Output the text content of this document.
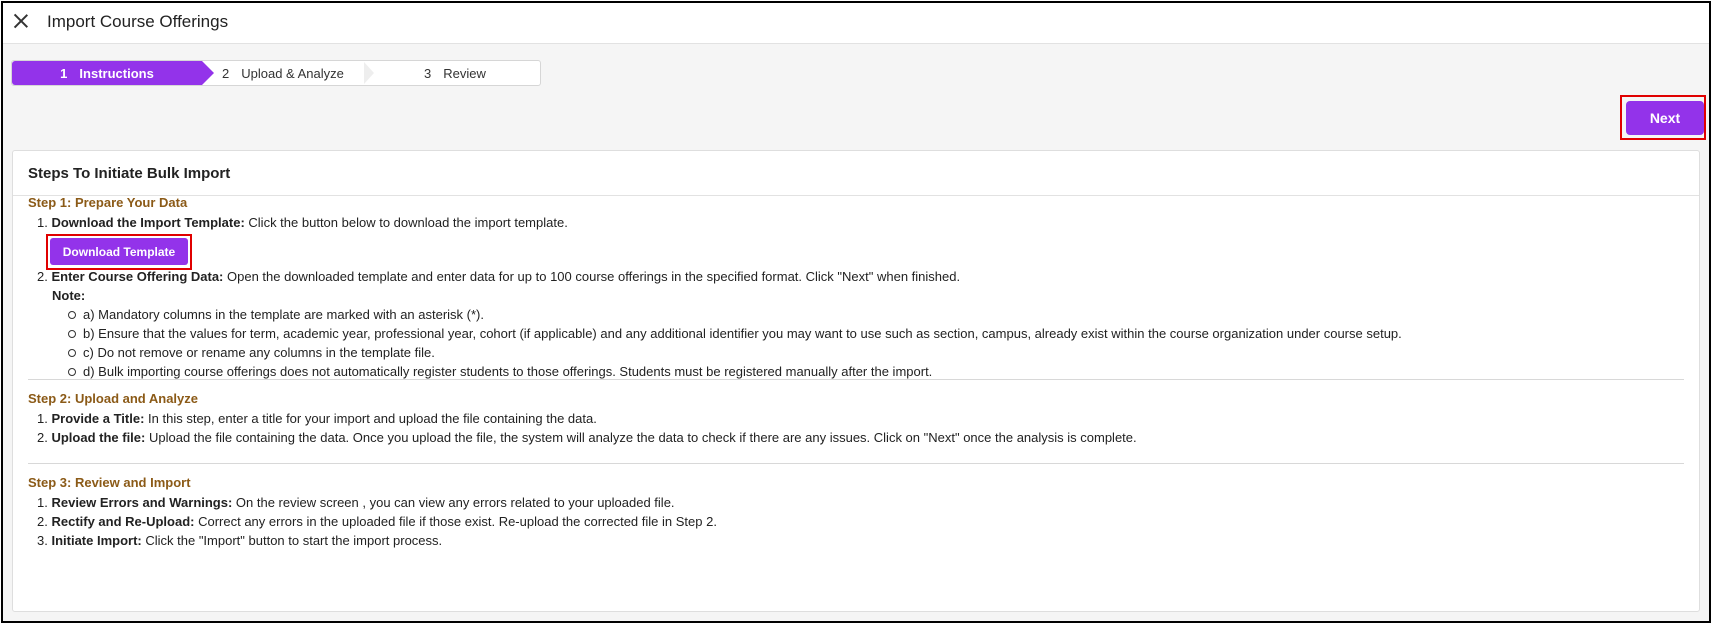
Import Course Offerings
1 Instructions	2 Upload & Analyze	3 Review
Next
Steps To Initiate Bulk Import
Step 1: Prepare Your Data
1. Download the Import Template: Click the button below to download the import template.
Download Template
2. Enter Course Offering Data: Open the downloaded template and enter data for up to 100 course offerings in the specified format. Click "Next" when finished.
Note:
a) Mandatory columns in the template are marked with an asterisk (*).
b) Ensure that the values for term, academic year, professional year, cohort (if applicable) and any additional identifier you may want to use such as section, campus, already exist within the course organization under course setup.
c) Do not remove or rename any columns in the template file.
d) Bulk importing course offerings does not automatically register students to those offerings. Students must be registered manually after the import.
Step 2: Upload and Analyze
1. Provide a Title: In this step, enter a title for your import and upload the file containing the data.
2. Upload the file: Upload the file containing the data. Once you upload the file, the system will analyze the data to check if there are any issues. Click on "Next" once the analysis is complete.
Step 3: Review and Import
1. Review Errors and Warnings: On the review screen , you can view any errors related to your uploaded file.
2. Rectify and Re-Upload: Correct any errors in the uploaded file if those exist. Re-upload the corrected file in Step 2.
3. Initiate Import: Click the "Import" button to start the import process.
